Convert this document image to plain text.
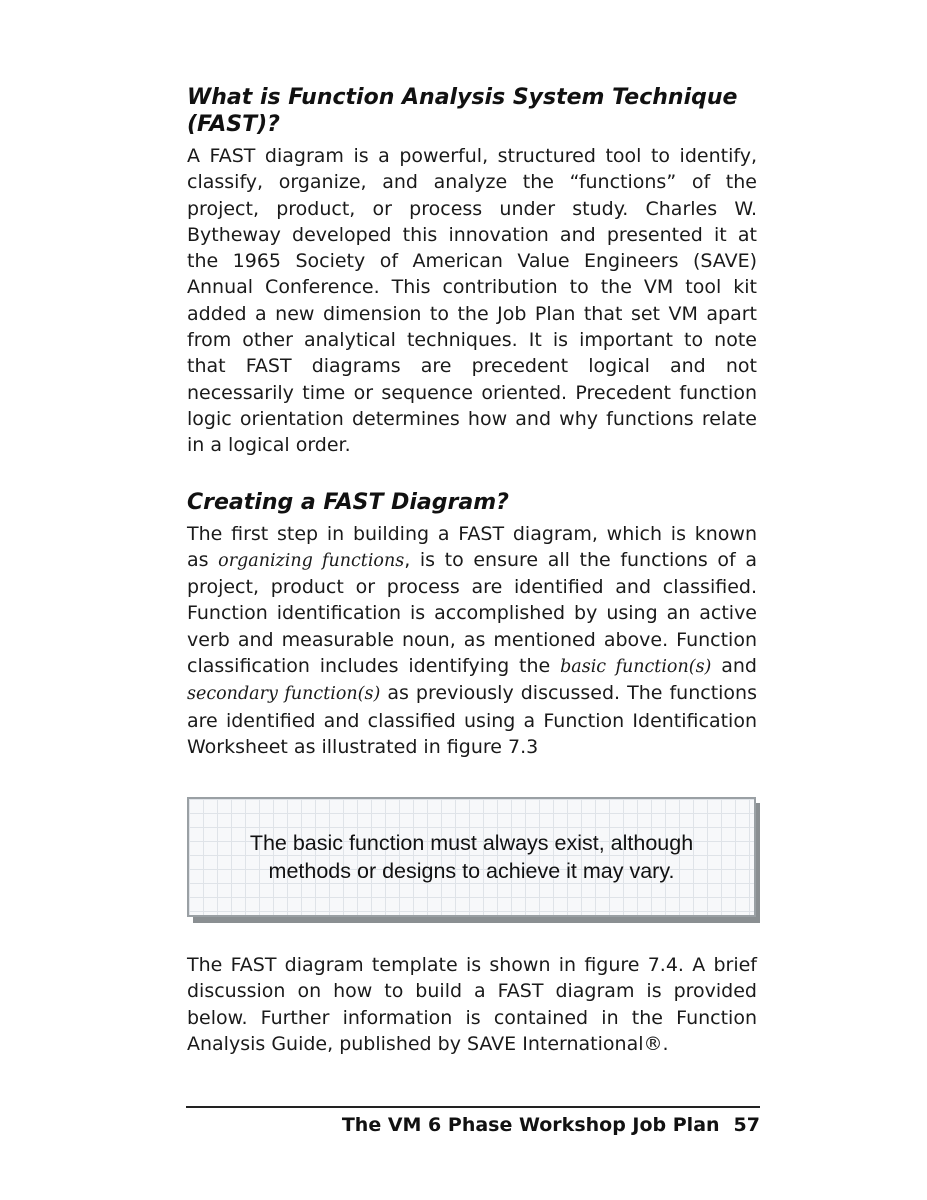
What is Function Analysis System Technique (FAST)?

A FAST diagram is a powerful, structured tool to identify, classify, organize, and analyze the “functions” of the project, product, or process under study. Charles W. Bytheway developed this innovation and presented it at the 1965 Society of American Value Engineers (SAVE) Annual Conference. This contribution to the VM tool kit added a new dimension to the Job Plan that set VM apart from other analytical techniques. It is important to note that FAST diagrams are precedent logical and not necessarily time or sequence oriented. Precedent function logic orientation determines how and why functions relate in a logical order.

Creating a FAST Diagram?

The first step in building a FAST diagram, which is known as organizing functions, is to ensure all the functions of a project, product or process are identified and classified. Function identification is accomplished by using an active verb and measurable noun, as mentioned above. Function classification includes identifying the basic function(s) and secondary function(s) as previously discussed. The functions are identified and classified using a Function Identification Worksheet as illustrated in figure 7.3

The basic function must always exist, although
methods or designs to achieve it may vary.

The FAST diagram template is shown in figure 7.4. A brief discussion on how to build a FAST diagram is provided below. Further information is contained in the Function Analysis Guide, published by SAVE International®.

The VM 6 Phase Workshop Job Plan 57
